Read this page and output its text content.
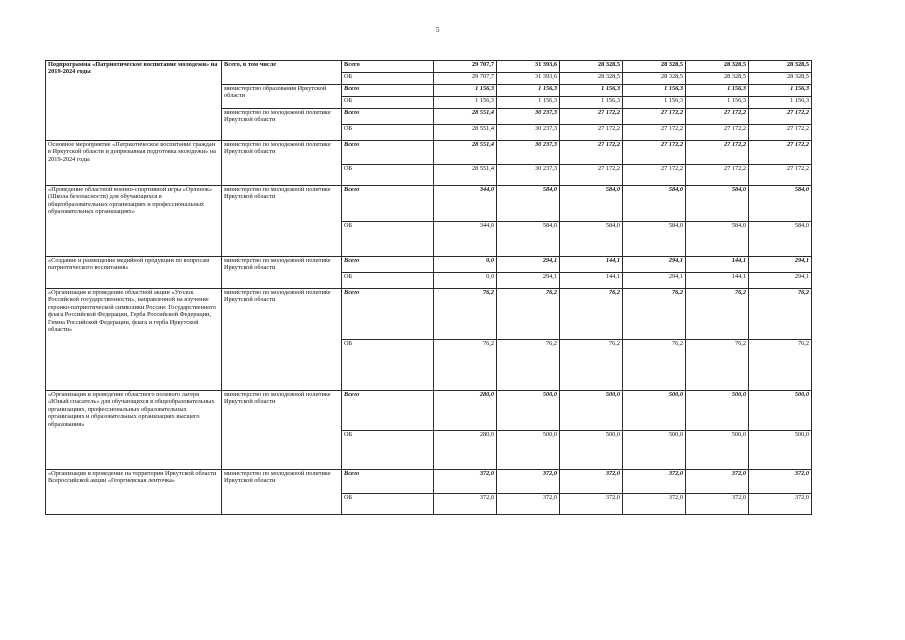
5
Подпрограмма «Патриотическое воспитание молодежи» на 2019-2024 годы	Всего, в том числе	Всего	29 707,7	31 393,6	28 328,5	28 328,5	28 328,5	28 328,5
		ОБ	29 707,7	31 393,6	28 328,5	28 328,5	28 328,5	28 328,5
	министерство образования Иркутской области	Всего	1 156,3	1 156,3	1 156,3	1 156,3	1 156,3	1 156,3
		ОБ	1 156,3	1 156,3	1 156,3	1 156,3	1 156,3	1 156,3
	министерство по молодежной политике Иркутской области	Всего	28 551,4	30 237,3	27 172,2	27 172,2	27 172,2	27 172,2
		ОБ	28 551,4	30 237,3	27 172,2	27 172,2	27 172,2	27 172,2
Основное мероприятие «Патриотическое воспитание граждан в Иркутской области и допризывная подготовка молодежи» на 2019-2024 годы	министерство по молодежной политике Иркутской области	Всего	28 551,4	30 237,3	27 172,2	27 172,2	27 172,2	27 172,2
		ОБ	28 551,4	30 237,3	27 172,2	27 172,2	27 172,2	27 172,2
«Проведение областной военно-спортивной игры «Орленок» (Школа безопасности) для обучающихся в общеобразовательных организациях и профессиональных образовательных организациях»	министерство по молодежной политике Иркутской области	Всего	344,0	584,0	584,0	584,0	584,0	584,0
		ОБ	344,0	584,0	584,0	584,0	584,0	584,0
«Создание и размещение медийной продукции по вопросам патриотического воспитания»	министерство по молодежной политике Иркутской области	Всего	0,0	294,1	144,1	294,1	144,1	294,1
		ОБ	0,0	294,1	144,1	294,1	144,1	294,1
«Организация и проведение областной акции «Уголок Российской государственности», направленной на изучение героико-патриотической символики России: Государственного флага Российской Федерации, Герба Российской Федерации, Гимна Российской Федерации, флага и герба Иркутской области»	министерство по молодежной политике Иркутской области	Всего	76,2	76,2	76,2	76,2	76,2	76,2
		ОБ	76,2	76,2	76,2	76,2	76,2	76,2
«Организация и проведение областного полевого лагеря «Юный спасатель» для обучающихся в общеобразовательных организациях, профессиональных образовательных организациях и образовательных организациях высшего образования»	министерство по молодежной политике Иркутской области	Всего	280,0	500,0	500,0	500,0	500,0	500,0
		ОБ	280,0	500,0	500,0	500,0	500,0	500,0
«Организация и проведение на территории Иркутской области Всероссийской акции «Георгиевская ленточка»	министерство по молодежной политике Иркутской области	Всего	372,0	372,0	372,0	372,0	372,0	372,0
		ОБ	372,0	372,0	372,0	372,0	372,0	372,0
